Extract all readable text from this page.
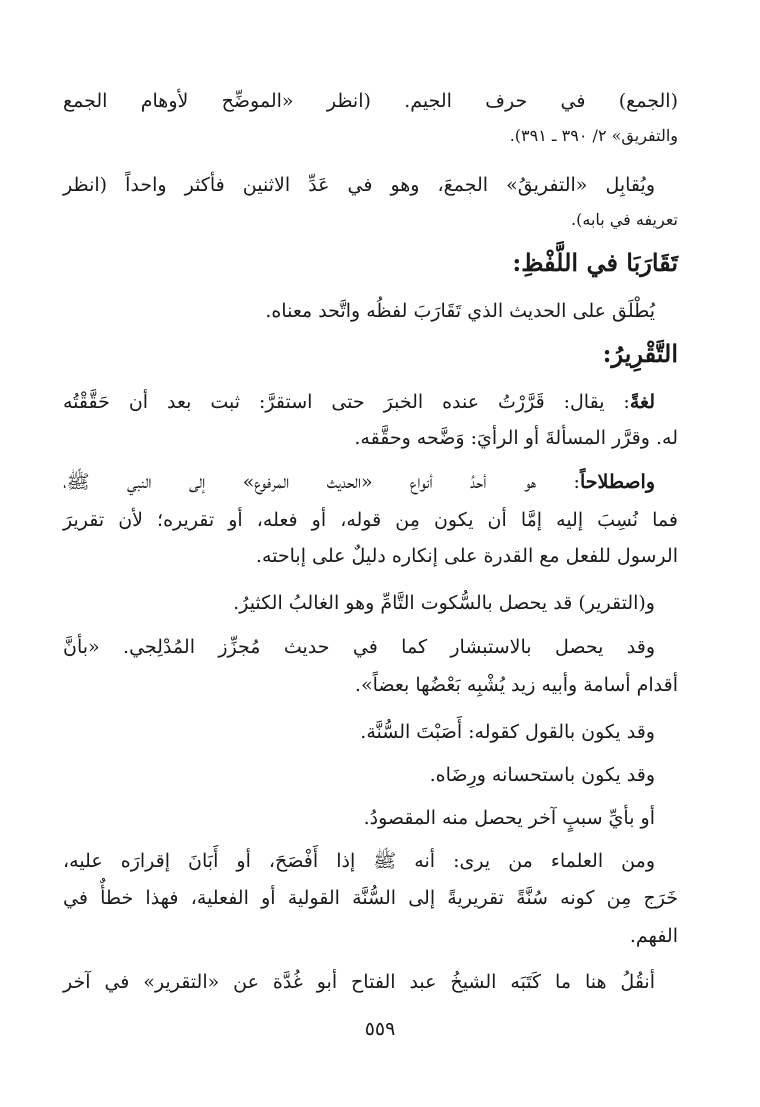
(الجمع) في حرف الجيم. (انظر «الموضِّح لأوهام الجمع
والتفريق» ٢/ ٣٩٠ ـ ٣٩١).
ويُقابِل «التفريقُ» الجمعَ، وهو في عَدِّ الاثنين فأكثر واحداً (انظر
تعريفه في بابه).
تَقَارَبَا في اللَّفْظِ:
يُطْلَق على الحديث الذي تَقَارَبَ لفظُه واتَّحد معناه.
التَّقْرِيرُ:
لغةً: يقال: قَرَّرْتُ عنده الخبرَ حتى استقرَّ: ثبت بعد أن حَقَّقْتُه
له. وقرَّر المسألةَ أو الرأيَ: وَضَّحه وحقَّقه.
واصطلاحاً: هو أحدُ أنواع «الحديث المرفوع» إلى النبي ﷺ،
فما نُسِبَ إليه إمَّا أن يكون مِن قوله، أو فعله، أو تقريره؛ لأن تقريرَ
الرسول للفعل مع القدرة على إنكاره دليلٌ على إباحته.
و(التقرير) قد يحصل بالسُّكوت التَّامِّ وهو الغالبُ الكثيرُ.
وقد يحصل بالاستبشار كما في حديث مُجزِّز المُدْلِجي. «بأنَّ
أقدام أسامة وأبيه زيد يُشْبِه بَعْضُها بعضاً».
وقد يكون بالقول كقوله: أَصَبْتَ السُّنَّة.
وقد يكون باستحسانه ورِضَاه.
أو بأيِّ سببٍ آخر يحصل منه المقصودُ.
ومن العلماء من يرى: أنه ﷺ إذا أَفْصَحَ، أو أَبَانَ إقرارَه عليه،
خَرَج مِن كونه سُنَّةً تقريريةً إلى السُّنَّة القولية أو الفعلية، فهذا خطأٌ في
الفهم.
أنقُلُ هنا ما كَتَبَه الشيخُ عبد الفتاح أبو غُدَّة عن «التقرير» في آخر
٥٥٩
